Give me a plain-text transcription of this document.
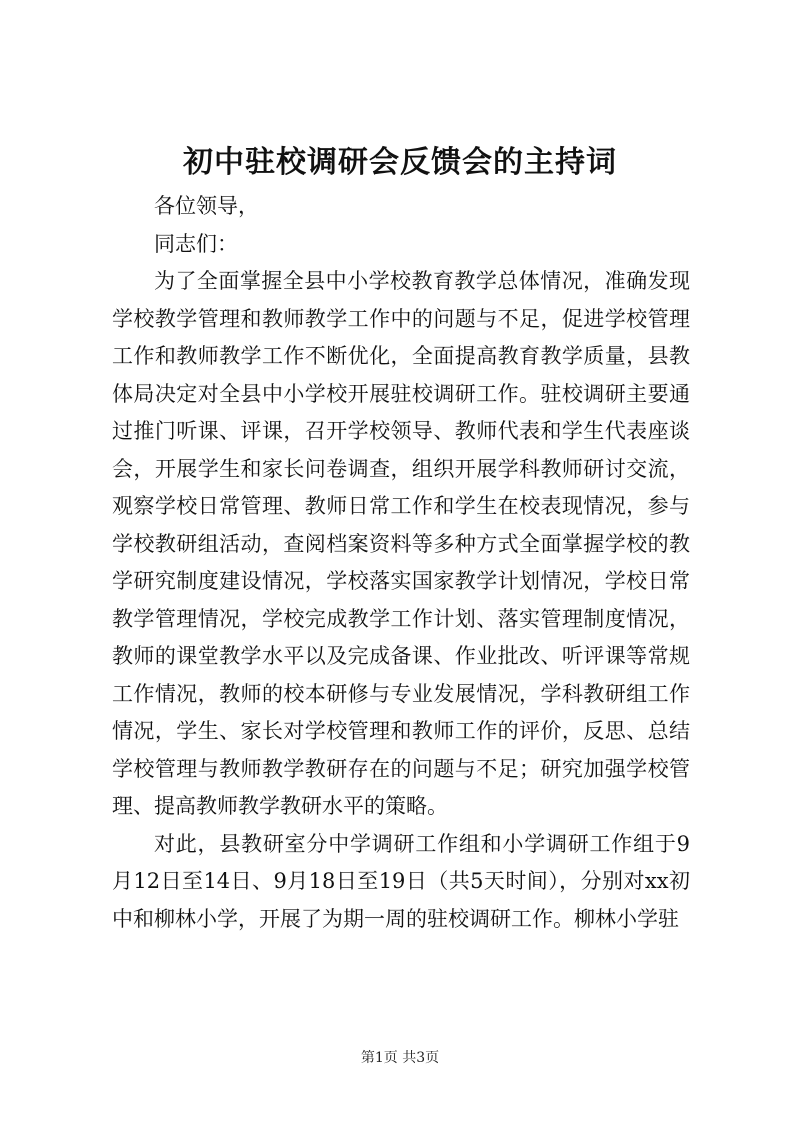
初中驻校调研会反馈会的主持词

各位领导，

同志们：

为了全面掌握全县中小学校教育教学总体情况，准确发现学校教学管理和教师教学工作中的问题与不足，促进学校管理工作和教师教学工作不断优化，全面提高教育教学质量，县教体局决定对全县中小学校开展驻校调研工作。驻校调研主要通过推门听课、评课，召开学校领导、教师代表和学生代表座谈会，开展学生和家长问卷调查，组织开展学科教师研讨交流，观察学校日常管理、教师日常工作和学生在校表现情况，参与学校教研组活动，查阅档案资料等多种方式全面掌握学校的教学研究制度建设情况，学校落实国家教学计划情况，学校日常教学管理情况，学校完成教学工作计划、落实管理制度情况，教师的课堂教学水平以及完成备课、作业批改、听评课等常规工作情况，教师的校本研修与专业发展情况，学科教研组工作情况，学生、家长对学校管理和教师工作的评价，反思、总结学校管理与教师教学教研存在的问题与不足；研究加强学校管理、提高教师教学教研水平的策略。

对此，县教研室分中学调研工作组和小学调研工作组于9月12日至14日、9月18日至19日（共5天时间），分别对xx初中和柳林小学，开展了为期一周的驻校调研工作。柳林小学驻

第1页 共3页
